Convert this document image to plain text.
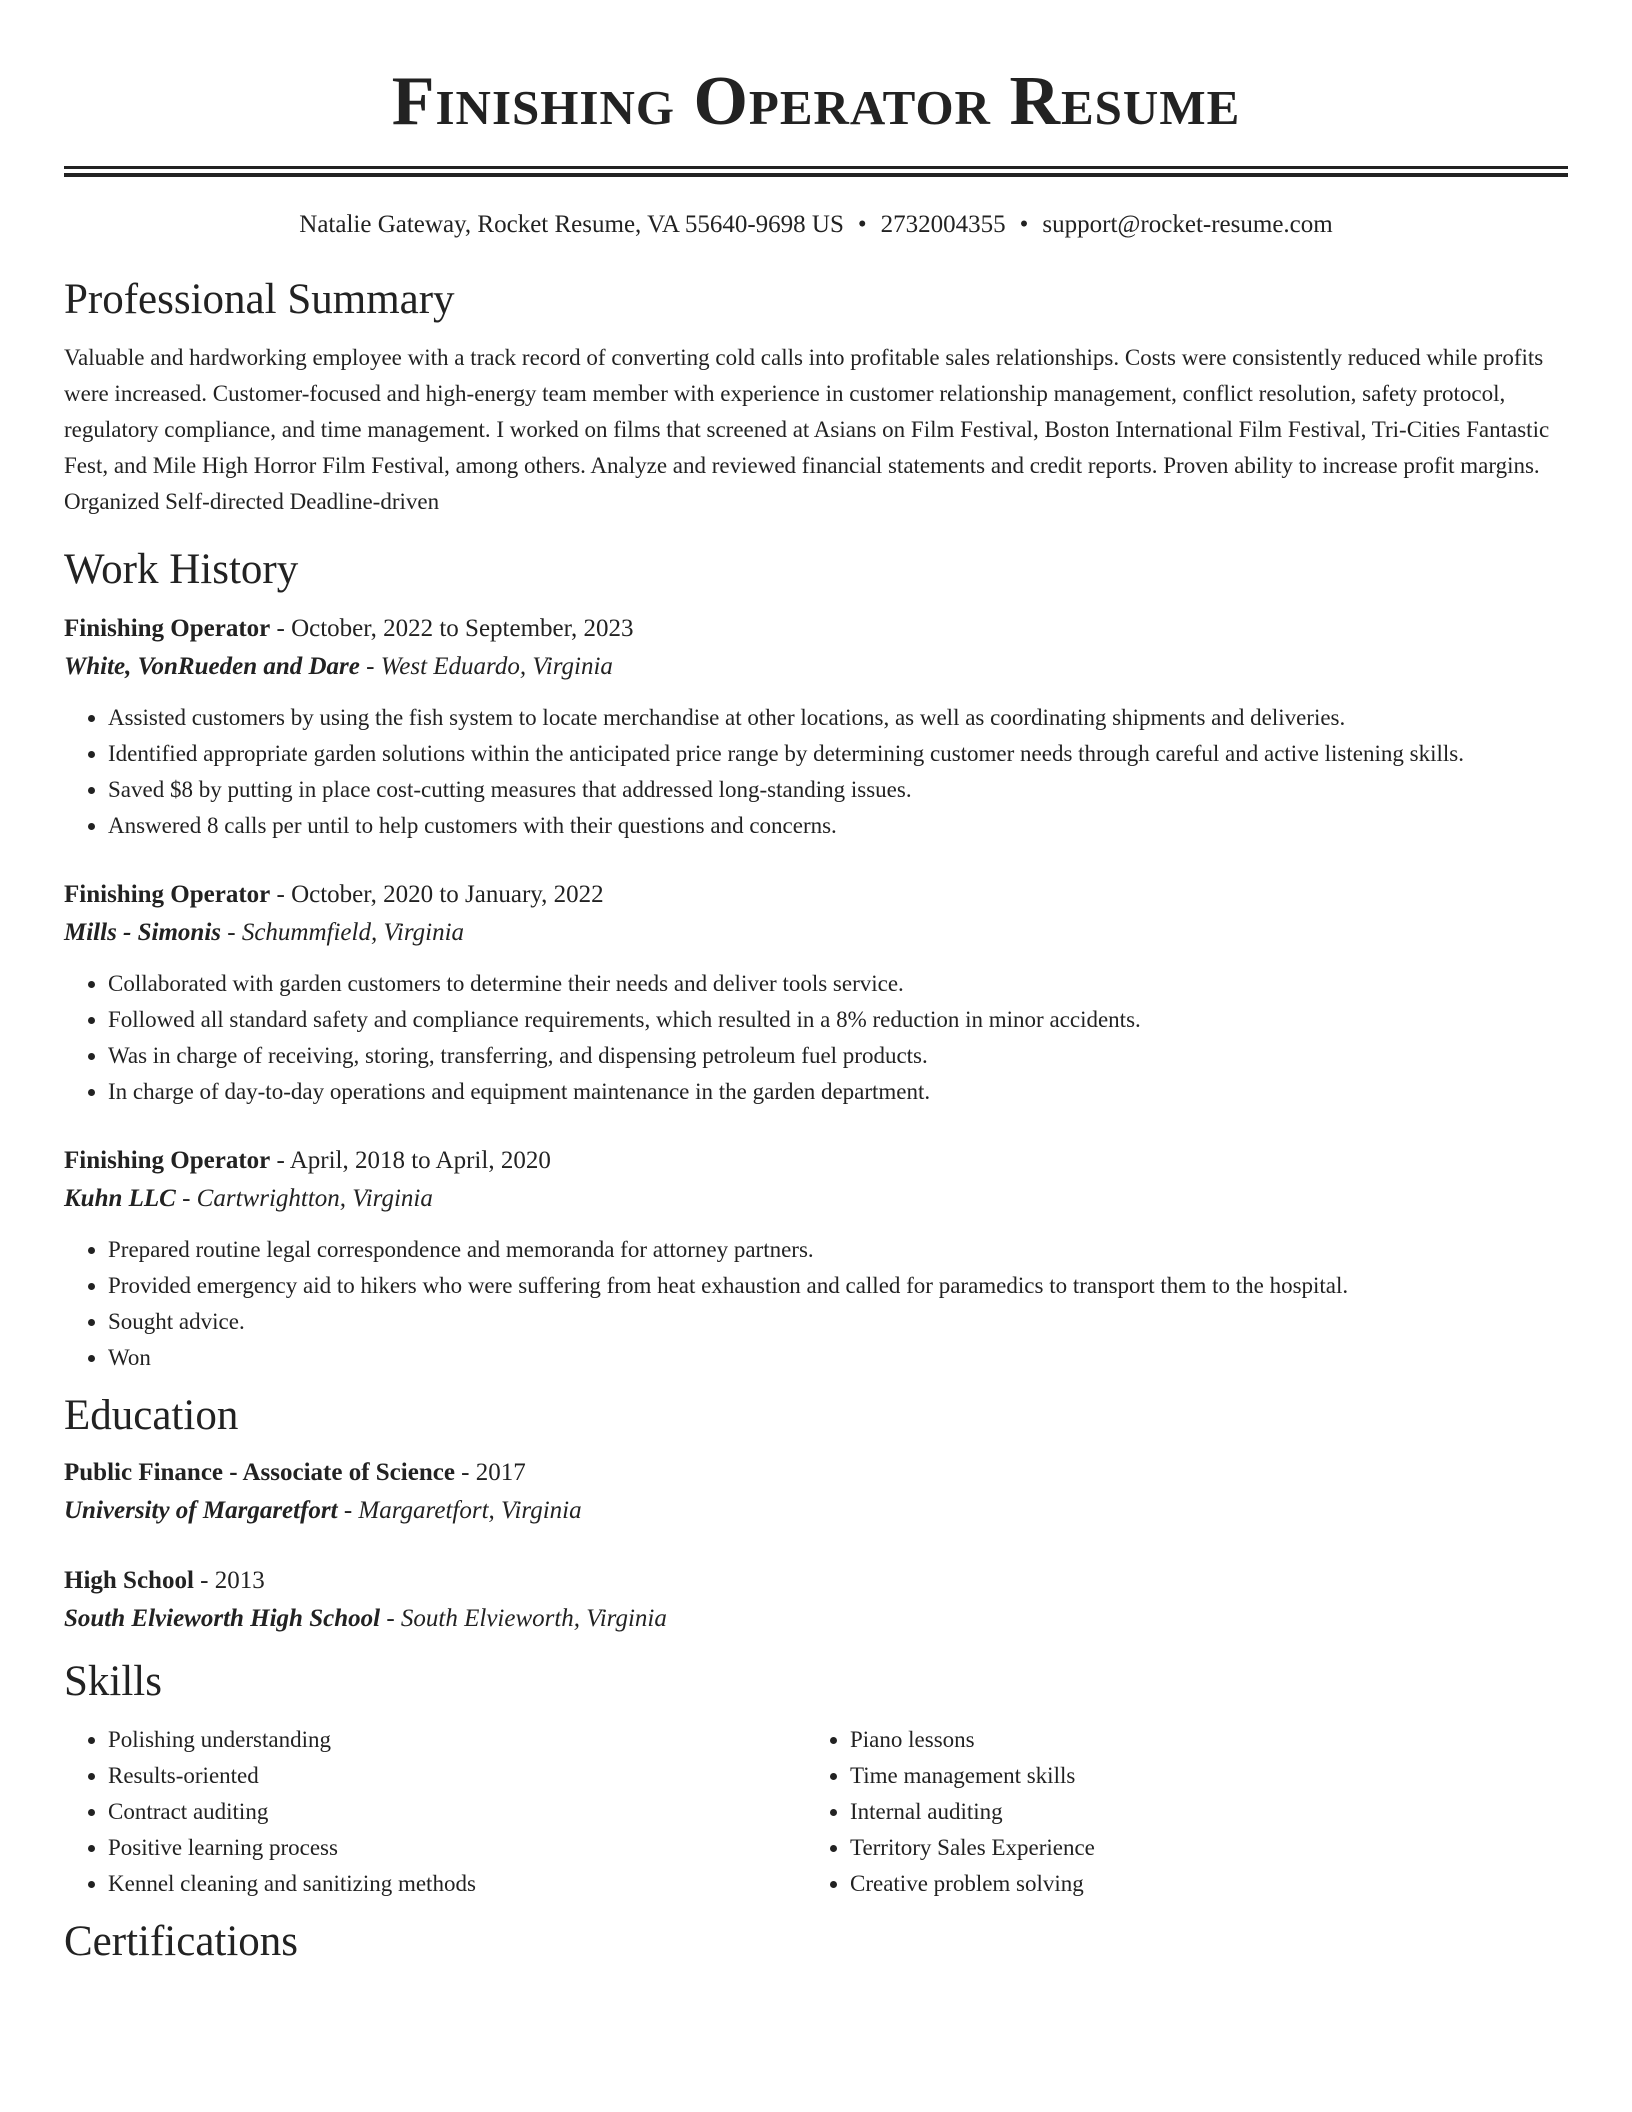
Finishing Operator Resume
Natalie Gateway, Rocket Resume, VA 55640-9698 US • 2732004355 • support@rocket-resume.com
Professional Summary
Valuable and hardworking employee with a track record of converting cold calls into profitable sales relationships. Costs were consistently reduced while profits were increased. Customer-focused and high-energy team member with experience in customer relationship management, conflict resolution, safety protocol, regulatory compliance, and time management. I worked on films that screened at Asians on Film Festival, Boston International Film Festival, Tri-Cities Fantastic Fest, and Mile High Horror Film Festival, among others. Analyze and reviewed financial statements and credit reports. Proven ability to increase profit margins. Organized Self-directed Deadline-driven
Work History
Finishing Operator - October, 2022 to September, 2023
White, VonRueden and Dare - West Eduardo, Virginia
• Assisted customers by using the fish system to locate merchandise at other locations, as well as coordinating shipments and deliveries.
• Identified appropriate garden solutions within the anticipated price range by determining customer needs through careful and active listening skills.
• Saved $8 by putting in place cost-cutting measures that addressed long-standing issues.
• Answered 8 calls per until to help customers with their questions and concerns.
Finishing Operator - October, 2020 to January, 2022
Mills - Simonis - Schummfield, Virginia
• Collaborated with garden customers to determine their needs and deliver tools service.
• Followed all standard safety and compliance requirements, which resulted in a 8% reduction in minor accidents.
• Was in charge of receiving, storing, transferring, and dispensing petroleum fuel products.
• In charge of day-to-day operations and equipment maintenance in the garden department.
Finishing Operator - April, 2018 to April, 2020
Kuhn LLC - Cartwrightton, Virginia
• Prepared routine legal correspondence and memoranda for attorney partners.
• Provided emergency aid to hikers who were suffering from heat exhaustion and called for paramedics to transport them to the hospital.
• Sought advice.
• Won
Education
Public Finance - Associate of Science - 2017
University of Margaretfort - Margaretfort, Virginia
High School - 2013
South Elvieworth High School - South Elvieworth, Virginia
Skills
• Polishing understanding
• Results-oriented
• Contract auditing
• Positive learning process
• Kennel cleaning and sanitizing methods
• Piano lessons
• Time management skills
• Internal auditing
• Territory Sales Experience
• Creative problem solving
Certifications
